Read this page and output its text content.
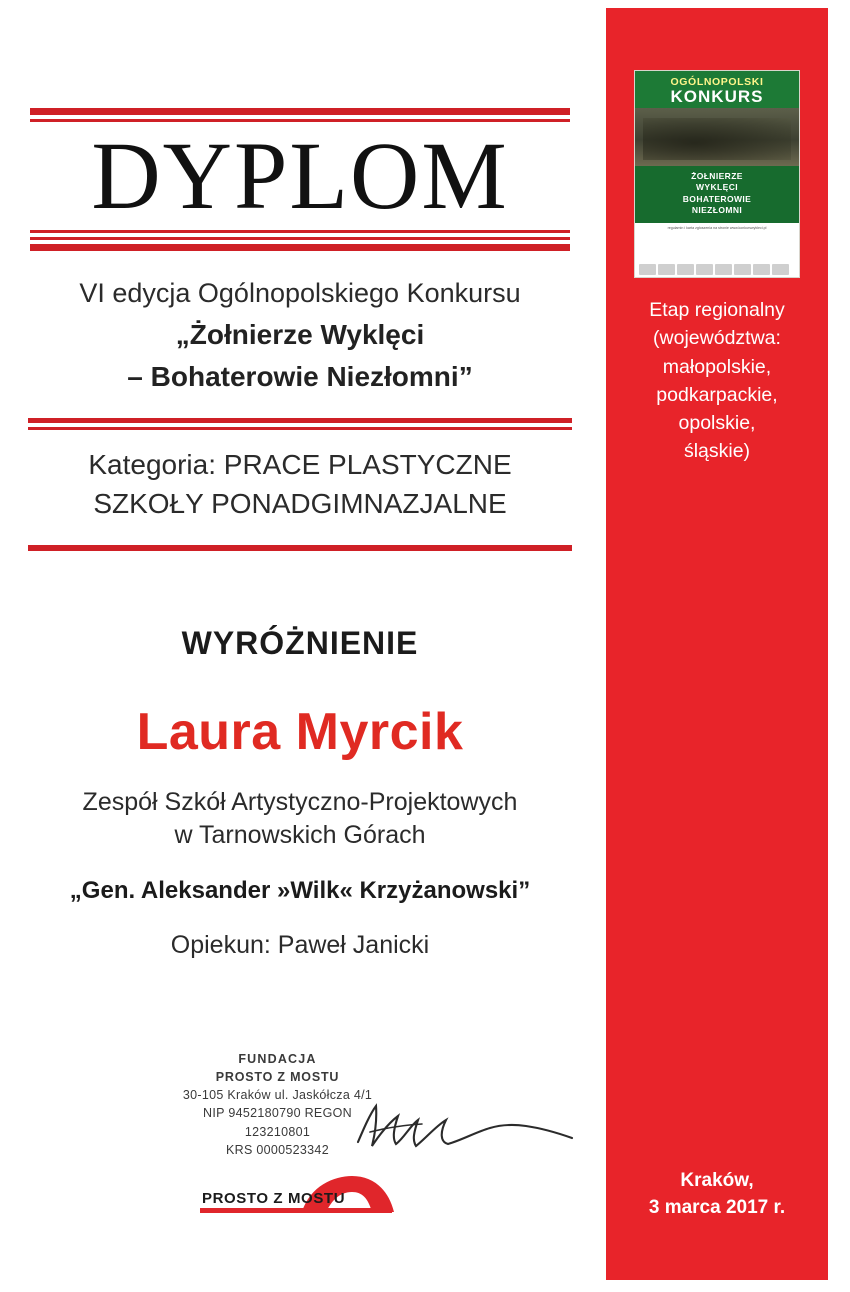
DYPLOM
VI edycja Ogólnopolskiego Konkursu
„Żołnierze Wyklęci
– Bohaterowie Niezłomni”
Kategoria: PRACE PLASTYCZNE
SZKOŁY PONADGIMNAZJALNE
WYRÓŻNIENIE
Laura Myrcik
Zespół Szkół Artystyczno-Projektowych
w Tarnowskich Górach
„Gen. Aleksander »Wilk« Krzyżanowski”
Opiekun: Paweł Janicki
FUNDACJA
PROSTO Z MOSTU
30-105 Kraków ul. Jaskółcza 4/1
NIP 9452180790 REGON 123210801
KRS 0000523342
PROSTO Z MOSTU
OGÓLNOPOLSKI
KONKURS
ŻOŁNIERZE
WYKLĘCI
BOHATEROWIE
NIEZŁOMNI
regulamin i karta zgłoszenia na stronie www.konkurswykleci.pl
Etap regionalny
(województwa:
małopolskie,
podkarpackie,
opolskie,
śląskie)
Kraków,
3 marca 2017 r.
